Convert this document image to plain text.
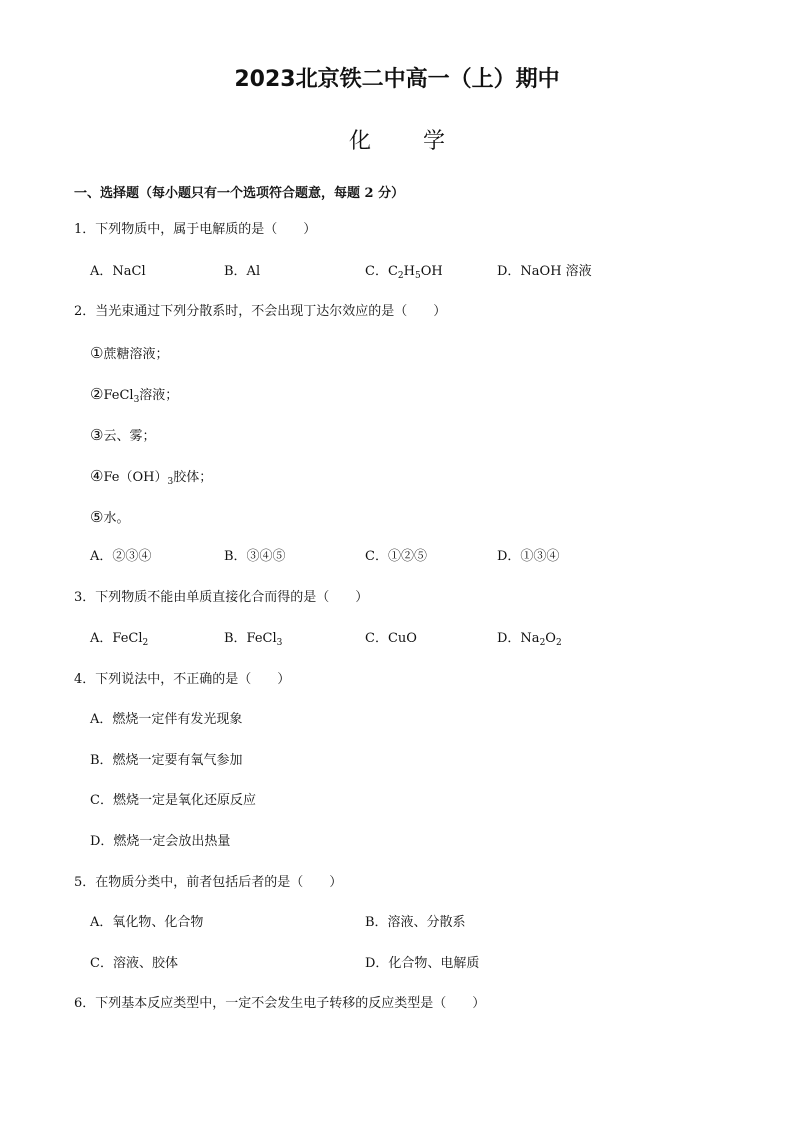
2023北京铁二中高一（上）期中
化 学
一、选择题（每小题只有一个选项符合题意，每题 2 分）
1．下列物质中，属于电解质的是（　　）
A．NaCl	B．Al	C．$C_2H_5OH$	D．NaOH 溶液
2．当光束通过下列分散系时，不会出现丁达尔效应的是（　　）
①蔗糖溶液；
②FeCl$_3$溶液；
③云、雾；
$④Fe(OH)_3$胶体；
⑤水。
A．②③④	B．③④⑤	C．①②⑤	D．①③④
3．下列物质不能由单质直接化合而得的是（　　）
A．FeCl$_2$	B．FeCl$_3$	C．CuO	D．$Na_2O_2$
4．下列说法中，不正确的是（　　）
A．燃烧一定伴有发光现象
B．燃烧一定要有氧气参加
C．燃烧一定是氧化还原反应
D．燃烧一定会放出热量
5．在物质分类中，前者包括后者的是（　　）
A．氧化物、化合物	B．溶液、分散系
C．溶液、胶体	D．化合物、电解质
6．下列基本反应类型中，一定不会发生电子转移的反应类型是（　　）
